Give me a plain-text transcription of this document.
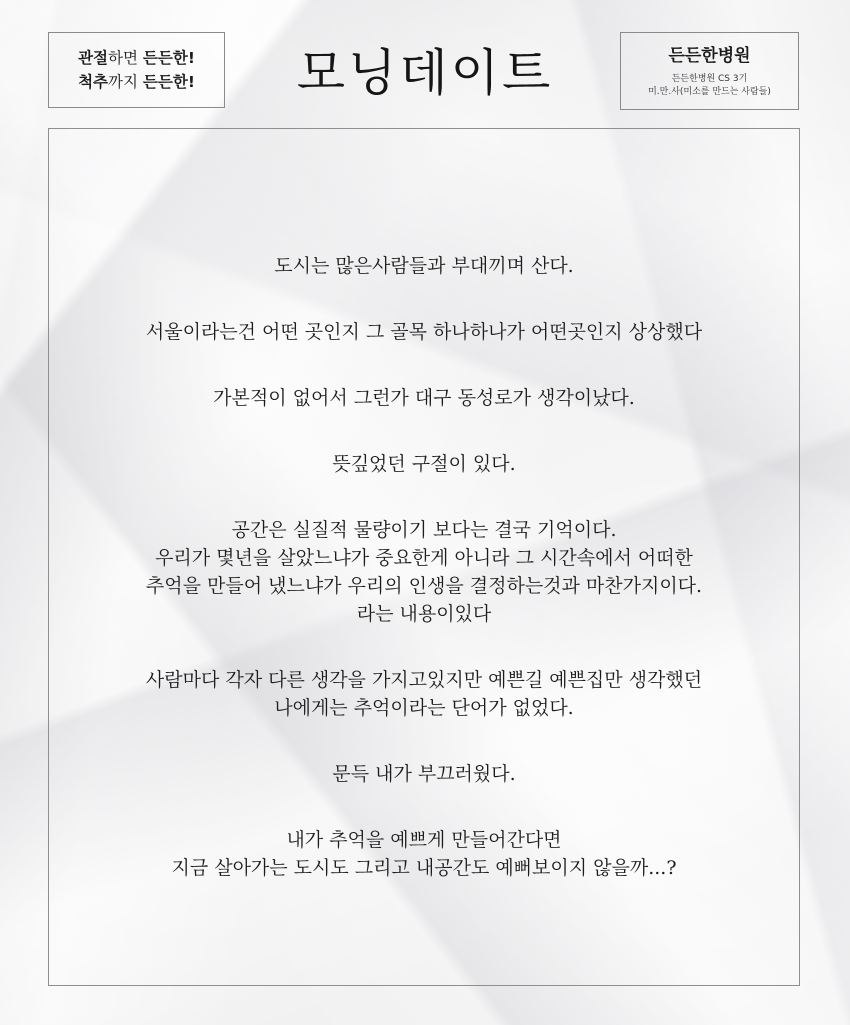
관절하면 든든한!
척추까지 든든한!	모닝데이트	든든한병원
든든한병원 CS 3기
미.만.사(미소를 만드는 사람들)
도시는 많은사람들과 부대끼며 산다.
서울이라는건 어떤 곳인지 그 골목 하나하나가 어떤곳인지 상상했다
가본적이 없어서 그런가 대구 동성로가 생각이났다.
뜻깊었던 구절이 있다.
공간은 실질적 물량이기 보다는 결국 기억이다.
우리가 몇년을 살았느냐가 중요한게 아니라 그 시간속에서 어떠한
추억을 만들어 냈느냐가 우리의 인생을 결정하는것과 마찬가지이다.
라는 내용이있다
사람마다 각자 다른 생각을 가지고있지만 예쁜길 예쁜집만 생각했던
나에게는 추억이라는 단어가 없었다.
문득 내가 부끄러웠다.
내가 추억을 예쁘게 만들어간다면
지금 살아가는 도시도 그리고 내공간도 예뻐보이지 않을까...?
